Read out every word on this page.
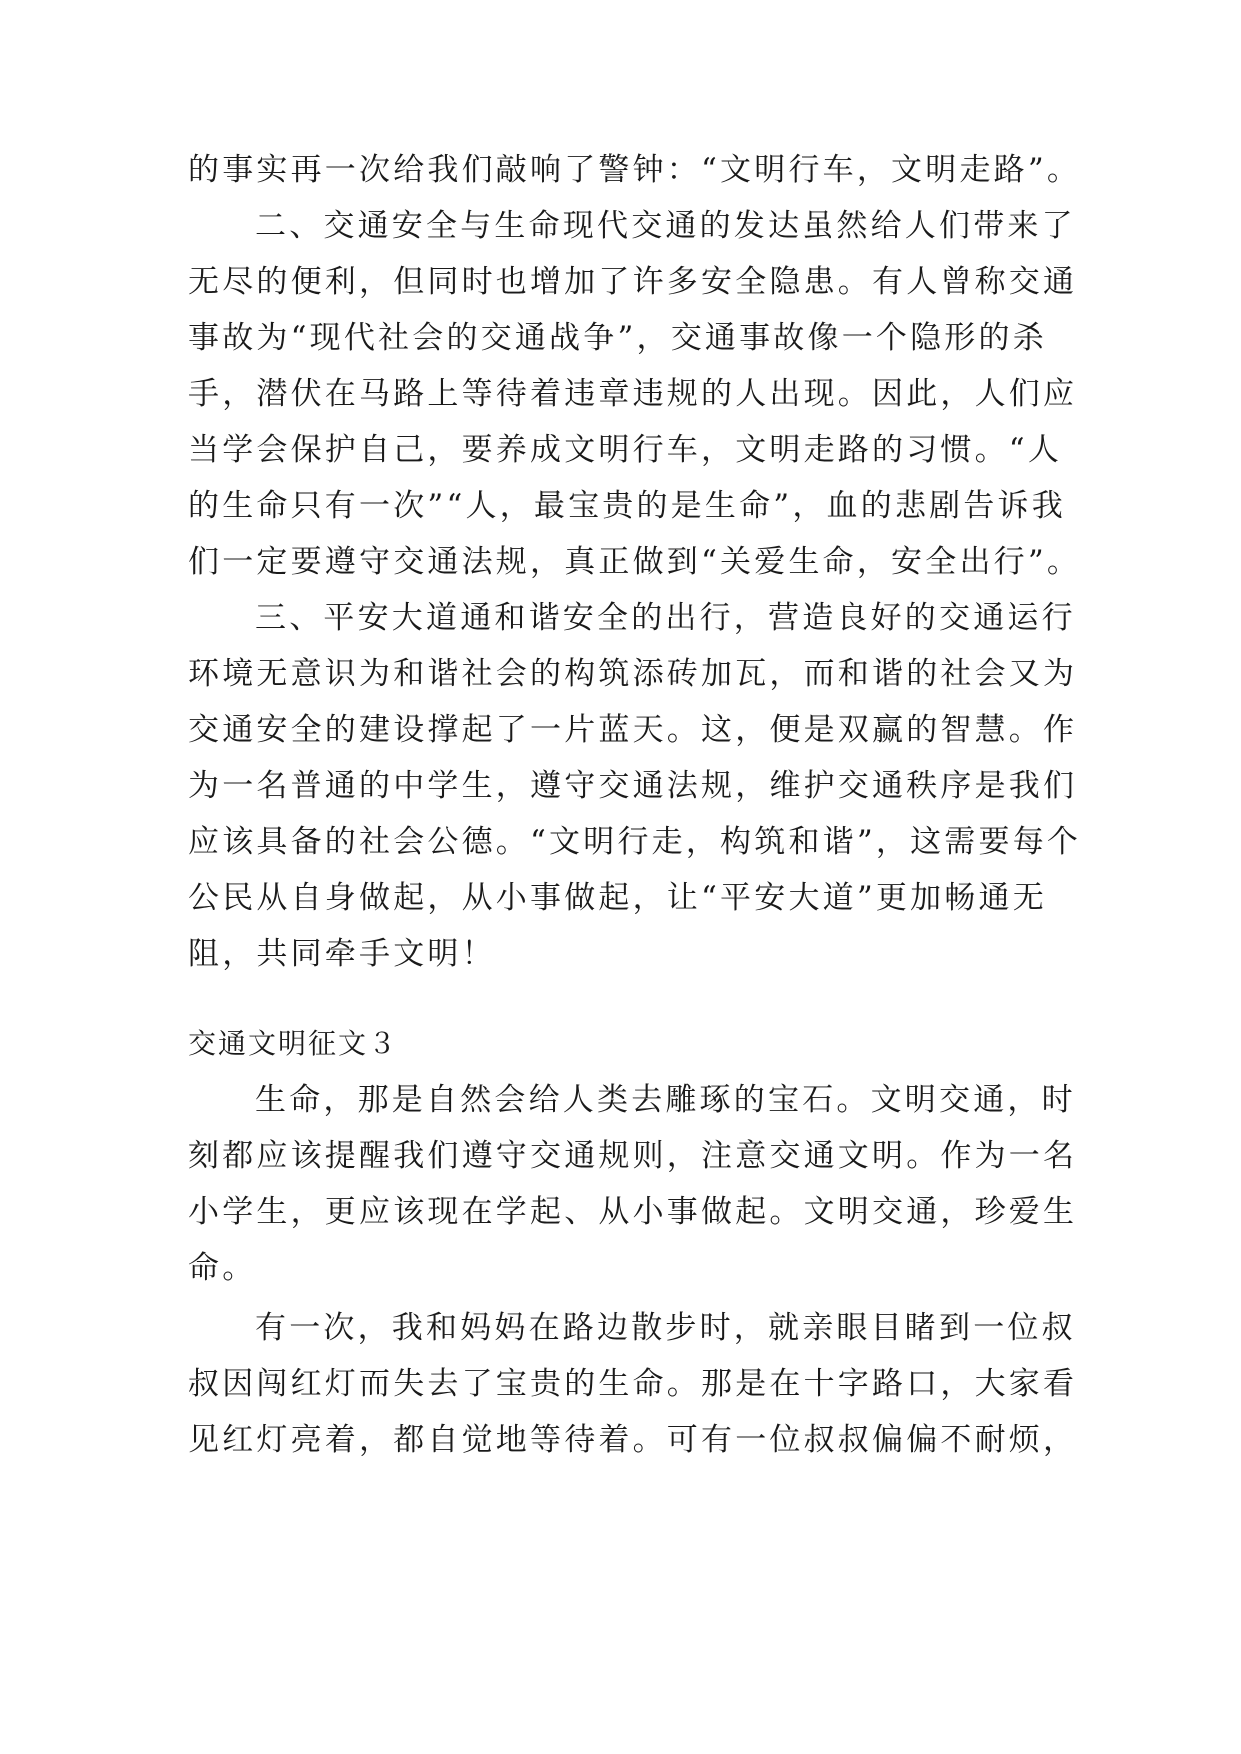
的事实再一次给我们敲响了警钟：“文明行车，文明走路”。
二、交通安全与生命现代交通的发达虽然给人们带来了
无尽的便利，但同时也增加了许多安全隐患。有人曾称交通
事故为“现代社会的交通战争”，交通事故像一个隐形的杀
手，潜伏在马路上等待着违章违规的人出现。因此，人们应
当学会保护自己，要养成文明行车，文明走路的习惯。“人
的生命只有一次”“人，最宝贵的是生命”，血的悲剧告诉我
们一定要遵守交通法规，真正做到“关爱生命，安全出行”。
三、平安大道通和谐安全的出行，营造良好的交通运行
环境无意识为和谐社会的构筑添砖加瓦，而和谐的社会又为
交通安全的建设撑起了一片蓝天。这，便是双赢的智慧。作
为一名普通的中学生，遵守交通法规，维护交通秩序是我们
应该具备的社会公德。“文明行走，构筑和谐”，这需要每个
公民从自身做起，从小事做起，让“平安大道”更加畅通无
阻，共同牵手文明！
交通文明征文３
生命，那是自然会给人类去雕琢的宝石。文明交通，时
刻都应该提醒我们遵守交通规则，注意交通文明。作为一名
小学生，更应该现在学起、从小事做起。文明交通，珍爱生
命。
有一次，我和妈妈在路边散步时，就亲眼目睹到一位叔
叔因闯红灯而失去了宝贵的生命。那是在十字路口，大家看
见红灯亮着，都自觉地等待着。可有一位叔叔偏偏不耐烦，
